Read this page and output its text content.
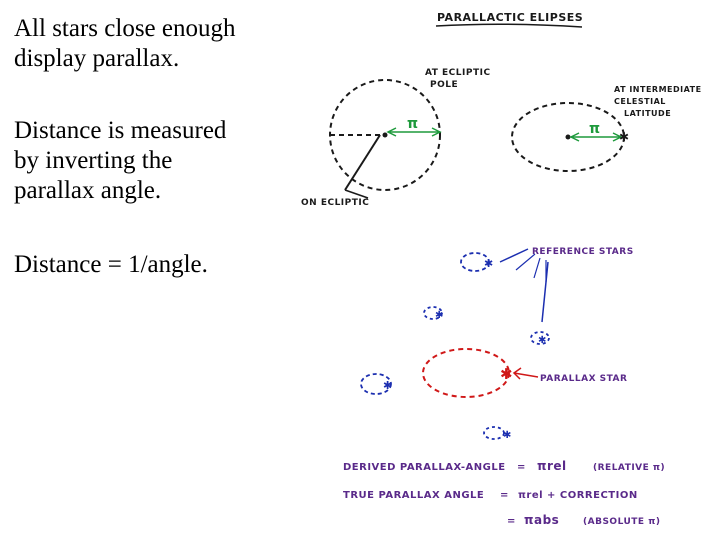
All stars close enough
display parallax.
Distance is measured
by inverting the
parallax angle.
Distance = 1/angle.
PARALLACTIC ELIPSES
AT ECLIPTIC
POLE
π
ON ECLIPTIC
π ✱
AT INTERMEDIATE
CELESTIAL
LATITUDE
✱
✱
✱
✱
✱
REFERENCE STARS
✱	PARALLAX STAR
DERIVED PARALLAX-ANGLE = πrel	(RELATIVE π)
TRUE PARALLAX ANGLE = πrel + CORRECTION
= πabs	(ABSOLUTE π)
